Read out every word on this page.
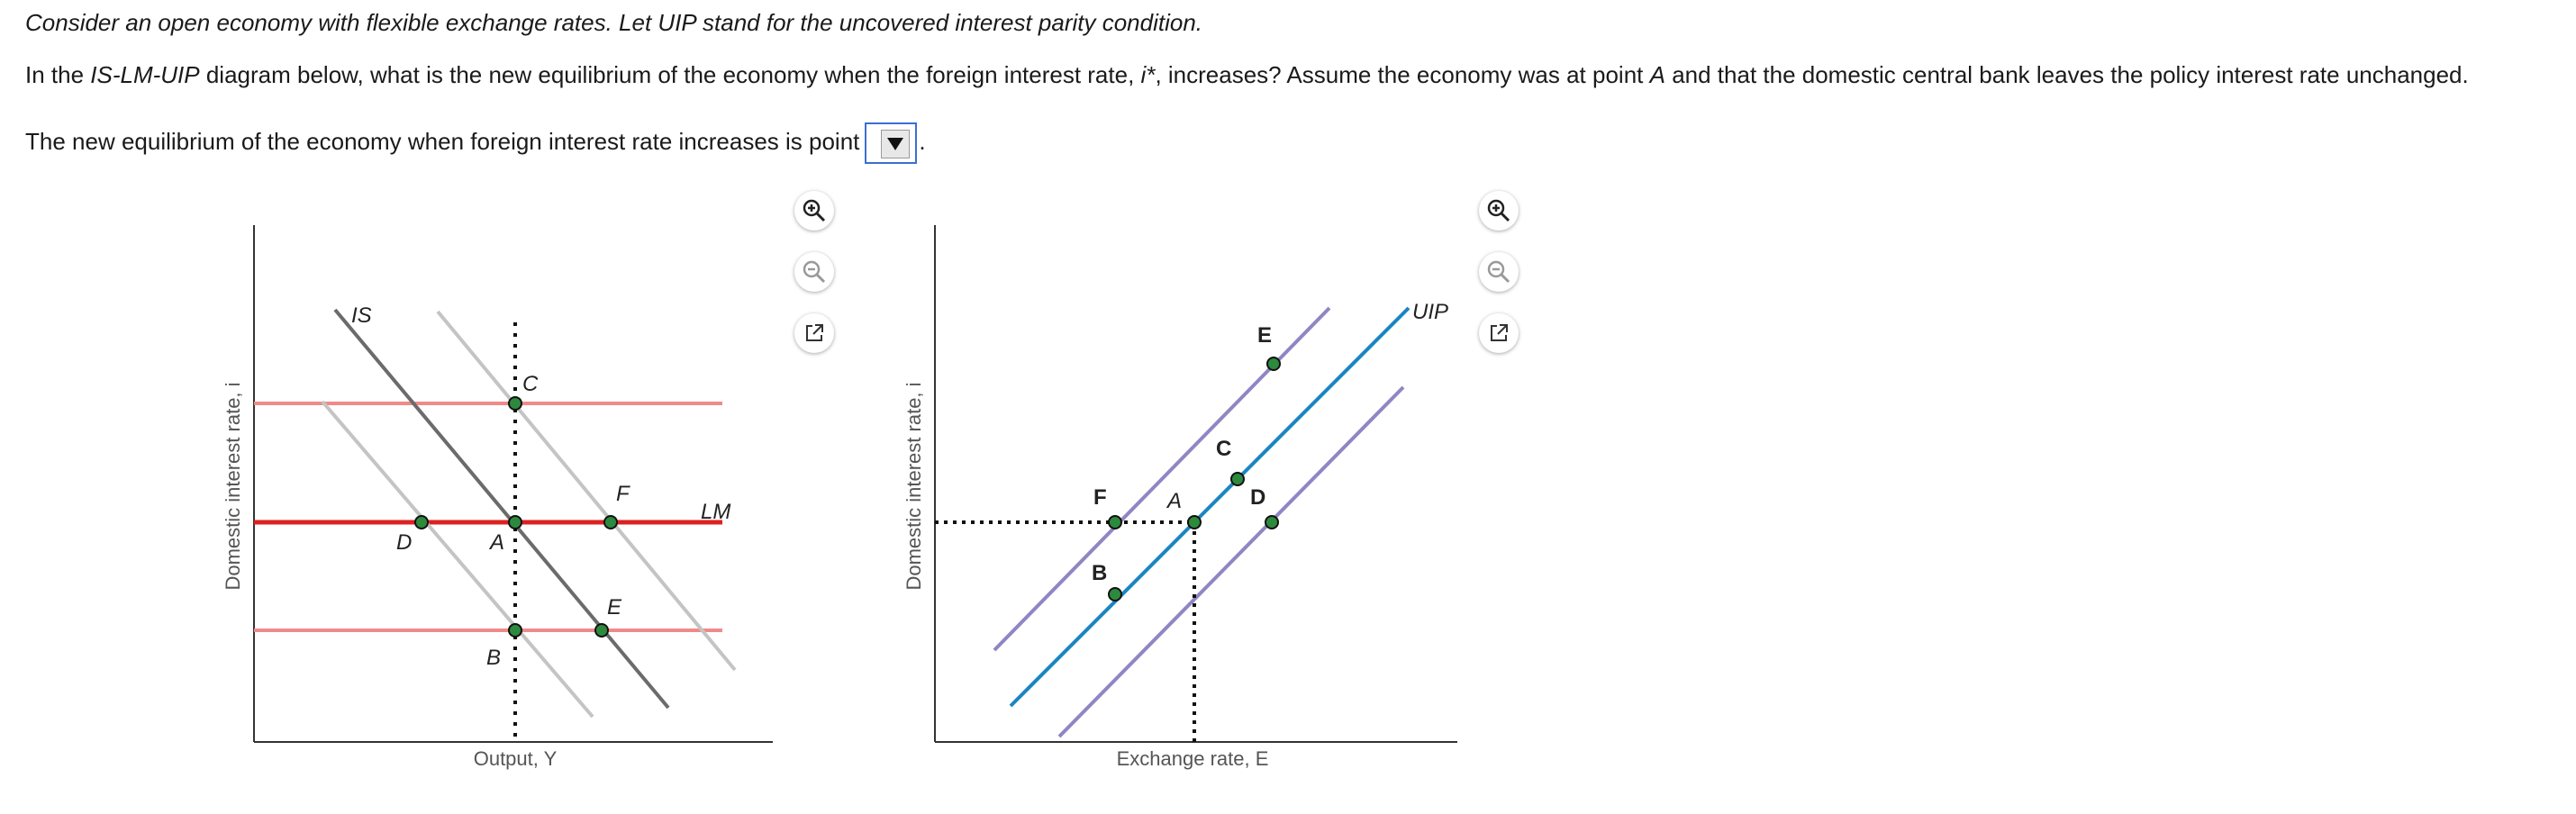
Consider an open economy with flexible exchange rates. Let UIP stand for the uncovered interest parity condition.
In the IS-LM-UIP diagram below, what is the new equilibrium of the economy when the foreign interest rate, i*, increases? Assume the economy was at point A and that the domestic central bank leaves the policy interest rate unchanged.
The new equilibrium of the economy when foreign interest rate increases is point	.
Domestic interest rate, i
Output, Y
IS
LM
C
A
B
D
F
E
Domestic interest rate, i
Exchange rate, E
UIP
E
C
A
F	D
B
